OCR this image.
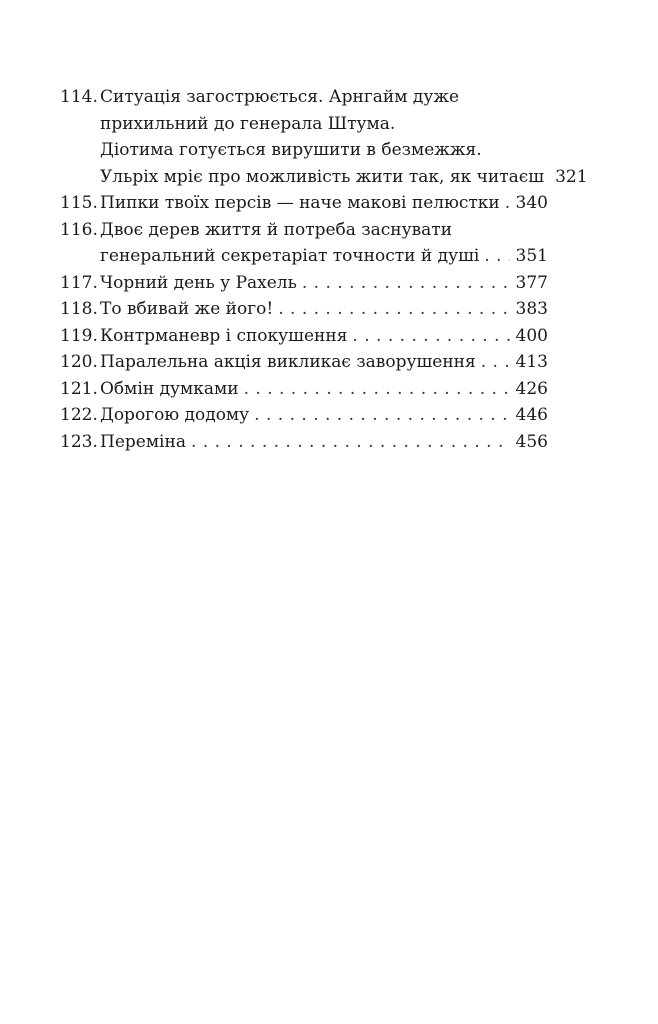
114. Ситуація загострюється. Арнгайм дуже
прихильний до генерала Штума.
Діотима готується вирушити в безмежжя.
Ульріх мріє про можливість жити так, як читаєш 321
115. Пипки твоїх персів — наче макові пелюстки . . . 340
116. Двоє дерев життя й потреба заснувати
генеральний секретаріат точности й душі . . . 351
117. Чорний день у Рахель . . .	377
118. То вбивай же його! . . .	383
119. Контрманевр і спокушення . . .	400
120. Паралельна акція викликає заворушення . . . 413
121. Обмін думками . . .	426
122. Дорогою додому . . .	446
123. Переміна . . .	456
